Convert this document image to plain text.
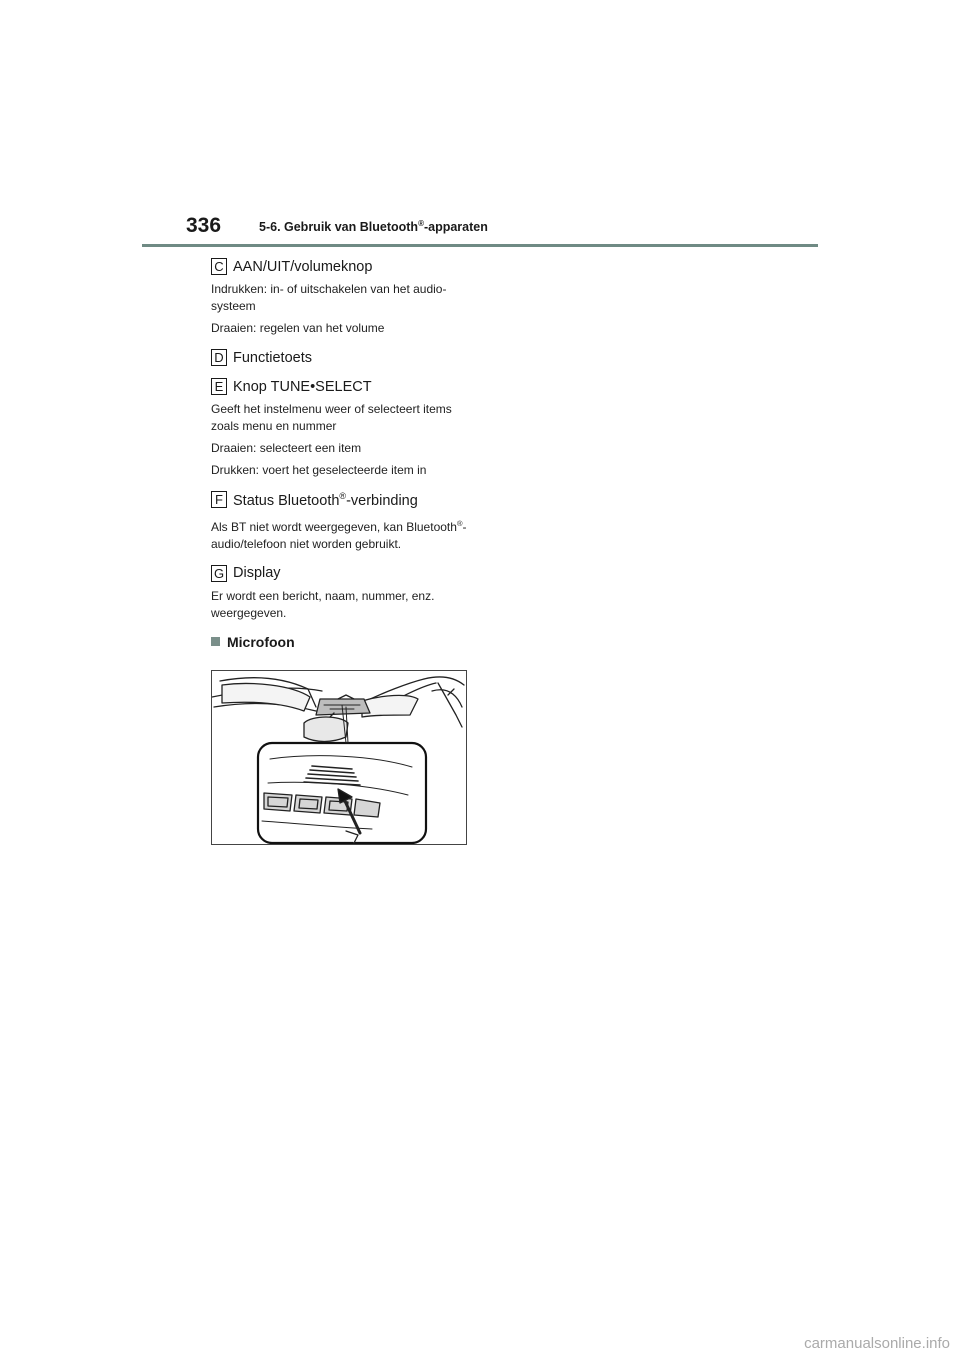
336	5-6. Gebruik van Bluetooth®-apparaten
C AAN/UIT/volumeknop

Indrukken: in- of uitschakelen van het audio-systeem

Draaien: regelen van het volume

D Functietoets
E Knop TUNE•SELECT

Geeft het instelmenu weer of selecteert items zoals menu en nummer

Draaien: selecteert een item

Drukken: voert het geselecteerde item in

F Status Bluetooth®-verbinding

Als BT niet wordt weergegeven, kan Bluetooth®-audio/telefoon niet worden gebruikt.

G Display

Er wordt een bericht, naam, nummer, enz. weergegeven.

Microfoon
carmanualsonline.info
